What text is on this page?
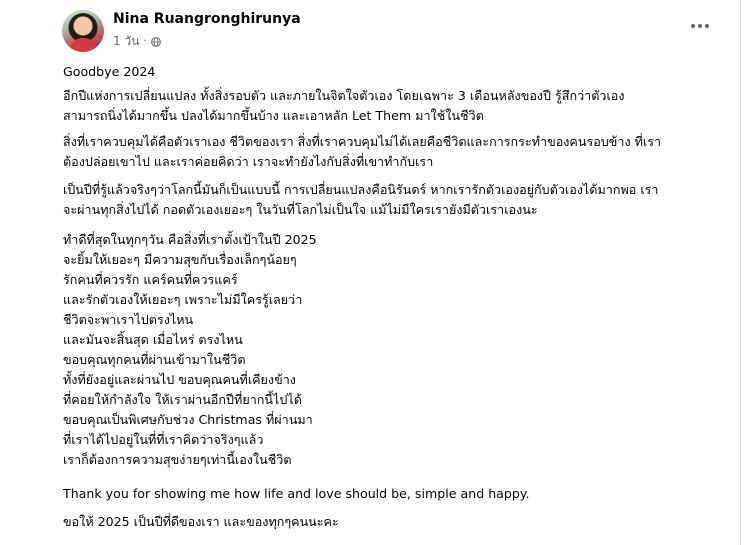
Nina Ruangronghirunya
1 วัน ·

Goodbye 2024

อีกปีแห่งการเปลี่ยนแปลง ทั้งสิ่งรอบตัว และภายในจิตใจตัวเอง โดยเฉพาะ 3 เดือนหลังของปี รู้สึกว่าตัวเอง
สามารถนิ่งได้มากขึ้น ปลงได้มากขึ้นบ้าง และเอาหลัก Let Them มาใช้ในชีวิต

สิ่งที่เราควบคุมได้คือตัวเราเอง ชีวิตของเรา สิ่งที่เราควบคุมไม่ได้เลยคือชีวิตและการกระทำของคนรอบข้าง ที่เรา
ต้องปล่อยเขาไป และเราค่อยคิดว่า เราจะทำยังไงกับสิ่งที่เขาทำกับเรา

เป็นปีที่รู้แล้วจริงๆว่าโลกนี้มันก็เป็นแบบนี้ การเปลี่ยนแปลงคือนิรันดร์ หากเรารักตัวเองอยู่กับตัวเองได้มากพอ เรา
จะผ่านทุกสิ่งไปได้ กอดตัวเองเยอะๆ ในวันที่โลกไม่เป็นใจ แม้ไม่มีใครเรายังมีตัวเราเองนะ

ทำดีที่สุดในทุกๆวัน คือสิ่งที่เราตั้งเป้าในปี 2025
จะยิ้มให้เยอะๆ มีความสุขกับเรื่องเล็กๆน้อยๆ
รักคนที่ควรรัก แคร์คนที่ควรแคร์
และรักตัวเองให้เยอะๆ เพราะไม่มีใครรู้เลยว่า
ชีวิตจะพาเราไปตรงไหน
และมันจะสิ้นสุด เมื่อไหร่ ตรงไหน

ขอบคุณทุกคนที่ผ่านเข้ามาในชีวิต
ทั้งที่ยังอยู่และผ่านไป ขอบคุณคนที่เคียงข้าง
ที่คอยให้กำลังใจ ให้เราผ่านอีกปีที่ยากนี้ไปได้
ขอบคุณเป็นพิเศษกับช่วง Christmas ที่ผ่านมา
ที่เราได้ไปอยู่ในที่ที่เราคิดว่าจริงๆแล้ว
เราก็ต้องการความสุขง่ายๆเท่านี้เองในชีวิต

Thank you for showing me how life and love should be, simple and happy.

ขอให้ 2025 เป็นปีที่ดีของเรา และของทุกๆคนนะคะ
